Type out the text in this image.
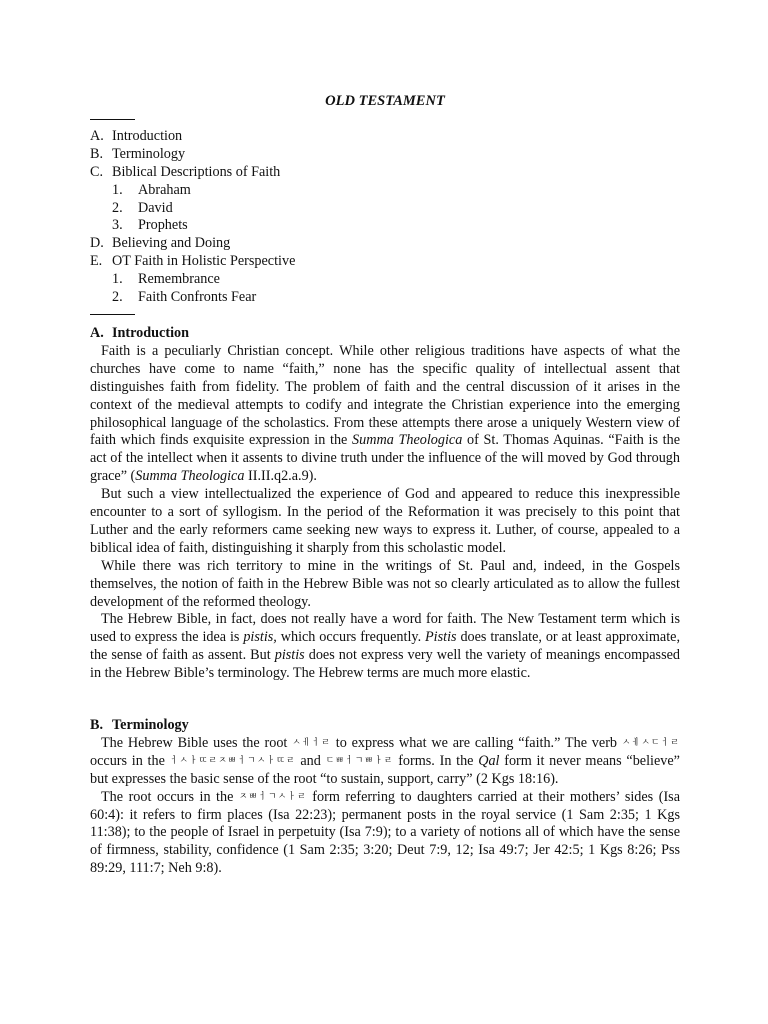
OLD TESTAMENT
A. Introduction
B. Terminology
C. Biblical Descriptions of Faith
1. Abraham
2. David
3. Prophets
D. Believing and Doing
E. OT Faith in Holistic Perspective
1. Remembrance
2. Faith Confronts Fear
A. Introduction

Faith is a peculiarly Christian concept. While other religious traditions have aspects of what the churches have come to name “faith,” none has the specific quality of intellectual assent that distinguishes faith from fidelity. The problem of faith and the central discussion of it arises in the context of the medieval attempts to codify and integrate the Christian experience into the emerging philosophical language of the scholastics. From these attempts there arose a uniquely Western view of faith which finds exquisite expression in the Summa Theologica of St. Thomas Aquinas. “Faith is the act of the intellect when it assents to divine truth under the influence of the will moved by God through grace” (Summa Theologica II.II.q2.a.9).

But such a view intellectualized the experience of God and appeared to reduce this inexpressible encounter to a sort of syllogism. In the period of the Reformation it was precisely to this point that Luther and the early reformers came seeking new ways to express it. Luther, of course, appealed to a biblical idea of faith, distinguishing it sharply from this scholastic model.

While there was rich territory to mine in the writings of St. Paul and, indeed, in the Gospels themselves, the notion of faith in the Hebrew Bible was not so clearly articulated as to allow the fullest development of the reformed theology.

The Hebrew Bible, in fact, does not really have a word for faith. The New Testament term which is used to express the idea is pistis, which occurs frequently. Pistis does translate, or at least approximate, the sense of faith as assent. But pistis does not express very well the variety of meanings encompassed in the Hebrew Bible’s terminology. The Hebrew terms are much more elastic.

B. Terminology

The Hebrew Bible uses the root ㅅㅔㅓㄹ to express what we are calling “faith.” The verb ㅅㅔㅅㄷㅓㄹ occurs in the ㅓㅅㅏㄸㄹㅈㅃㅓㄱㅅㅏㄸㄹ and ㄷㅃㅓㄱㅃㅏㄹ forms. In the Qal form it never means “believe” but expresses the basic sense of the root “to sustain, support, carry” (2 Kgs 18:16).

The root occurs in the ㅈㅃㅓㄱㅅㅏㄹ form referring to daughters carried at their mothers’ sides (Isa 60:4): it refers to firm places (Isa 22:23); permanent posts in the royal service (1 Sam 2:35; 1 Kgs 11:38); to the people of Israel in perpetuity (Isa 7:9); to a variety of notions all of which have the sense of firmness, stability, confidence (1 Sam 2:35; 3:20; Deut 7:9, 12; Isa 49:7; Jer 42:5; 1 Kgs 8:26; Pss 89:29, 111:7; Neh 9:8).
